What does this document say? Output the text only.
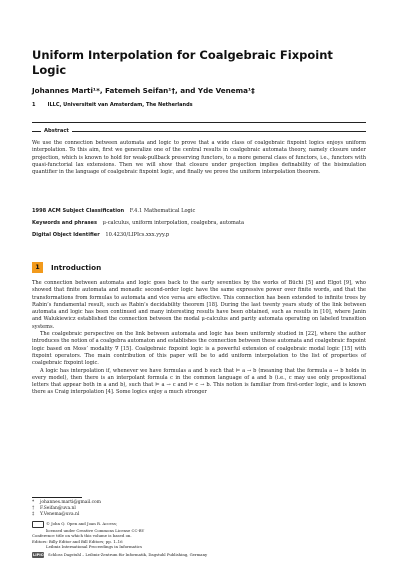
Uniform Interpolation for Coalgebraic Fixpoint Logic
Johannes Marti¹*, Fatemeh Seifan¹†, and Yde Venema¹‡
1 ILLC, Universiteit van Amsterdam, The Netherlands
Abstract
We use the connection between automata and logic to prove that a wide class of coalgebraic fixpoint logics enjoys uniform interpolation. To this aim, first we generalize one of the central results in coalgebraic automata theory, namely closure under projection, which is known to hold for weak-pullback preserving functors, to a more general class of functors, i.e., functors with quasi-functorial lax extensions. Then we will show that closure under projection implies definability of the bisimulation quantifier in the language of coalgebraic fixpoint logic, and finally we prove the uniform interpolation theorem.
1998 ACM Subject Classification F.4.1 Mathematical Logic
Keywords and phrases μ-calculus, uniform interpolation, coalgebra, automata
Digital Object Identifier 10.4230/LIPIcs.xxx.yyy.p
1	Introduction

The connection between automata and logic goes back to the early seventies by the works of Büchi [5] and Elgot [9], who showed that finite automata and monadic second-order logic have the same expressive power over finite words, and that the transformations from formulas to automata and vice versa are effective. This connection has been extended to infinite trees by Rabin’s fundamental result, such as Rabin’s decidability theorem [18]. During the last twenty years study of the link between automata and logic has been continued and many interesting results have been obtained, such as results in [10], where Janin and Walukiewicz established the connection between the modal μ-calculus and parity automata operating on labeled transition systems.

The coalgebraic perspective on the link between automata and logic has been uniformly studied in [22], where the author introduces the notion of a coalgebra automaton and establishes the connection between these automata and coalgebraic fixpoint logic based on Moss’ modality ∇ [15]. Coalgebraic fixpoint logic is a powerful extension of coalgebraic modal logic [15] with fixpoint operators. The main contribution of this paper will be to add uniform interpolation to the list of properties of coalgebraic fixpoint logic.

A logic has interpolation if, whenever we have formulas a and b such that ⊨ a → b (meaning that the formula a → b holds in every model), then there is an interpolant formula c in the common language of a and b (i.e., c may use only propositional letters that appear both in a and b), such that ⊨ a → c and ⊨ c → b. This notion is familiar from first-order logic, and is known there as Craig interpolation [4]. Some logics enjoy a much stronger

* johannes.marti@gmail.com
† F.Seifan@uva.nl
‡ Y.Venema@uva.nl
© John Q. Open and Joan R. Access;
licensed under Creative Commons License CC-BY
Conference title on which this volume is based on.
Editors: Billy Editor and Bill Editors; pp. 1–16
Leibniz International Proceedings in Informatics
LIPICS Schloss Dagstuhl – Leibniz-Zentrum für Informatik, Dagstuhl Publishing, Germany
